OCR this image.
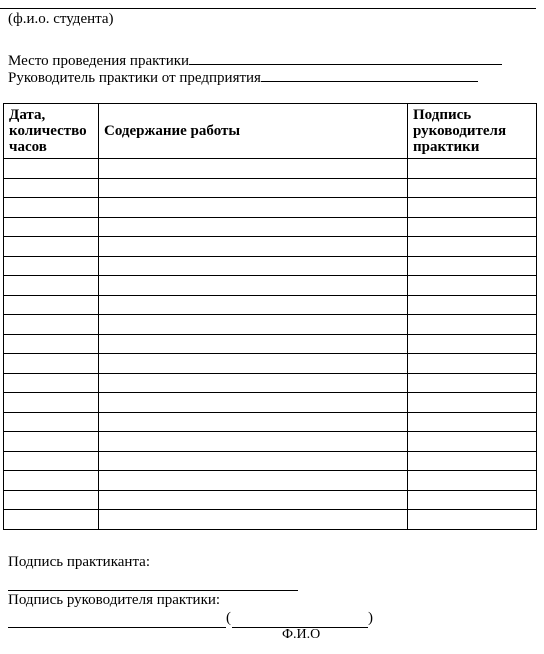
(ф.и.о. студента)
Место проведения практики
Руководитель практики от предприятия
Дата, количество часов	Содержание работы	Подпись руководителя практики

Подпись практиканта:
Подпись руководителя практики:
(	)
Ф.И.О
